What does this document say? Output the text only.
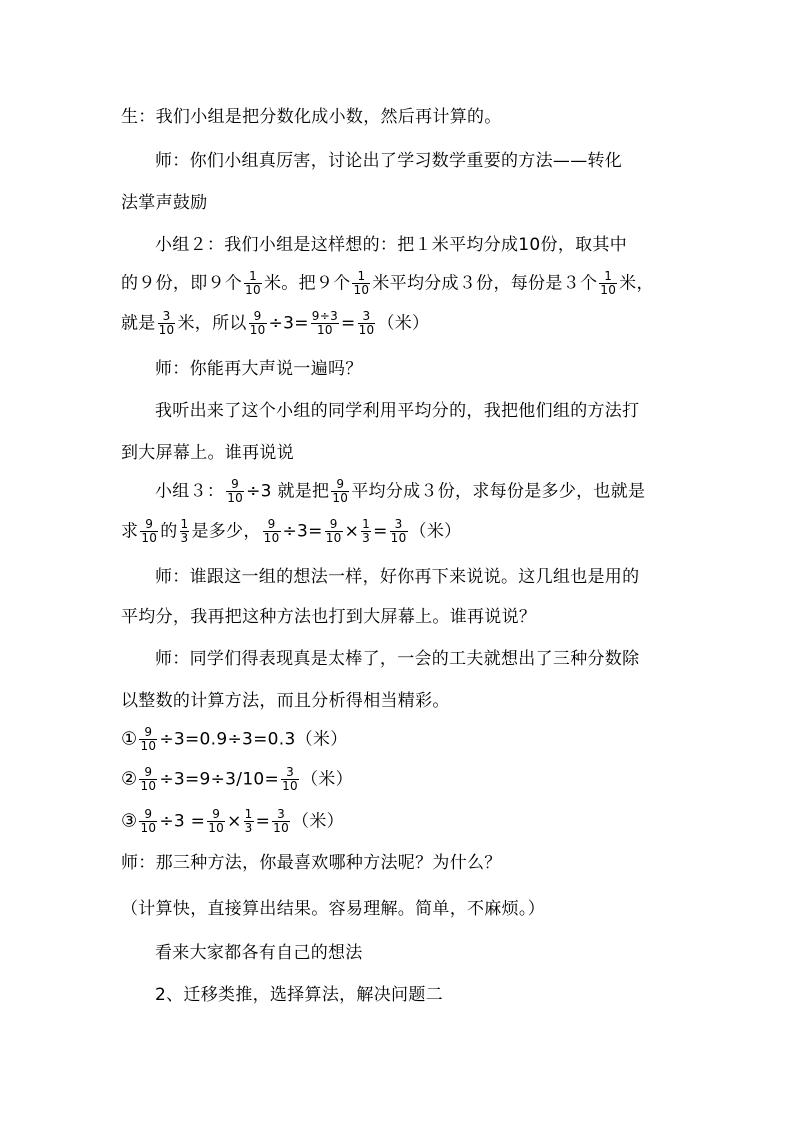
生：我们小组是把分数化成小数，然后再计算的。
师：你们小组真厉害，讨论出了学习数学重要的方法——转化
法掌声鼓励
小组２：我们小组是这样想的：把１米平均分成10份，取其中
的９份，即９个 $\frac{1}{10}$ 米。把９个 $\frac{1}{10}$ 米平均分成３份，每份是３个 $\frac{1}{10}$ 米，
就是 $\frac{3}{10}$ 米，所以 $\frac{9}{10} \div 3= \frac{9\div 3}{10} = \frac{3}{10}$ （米）
师：你能再大声说一遍吗？
我听出来了这个小组的同学利用平均分的，我把他们组的方法打
到大屏幕上。谁再说说
小组３： $\frac{9}{10} \div 3$ 就是把 $\frac{9}{10}$ 平均分成３份，求每份是多少，也就是
求 $\frac{9}{10}$ 的 $\frac{1}{3}$ 是多少， $\frac{9}{10} \div 3= \frac{9}{10} \times \frac{1}{3} = \frac{3}{10}$ （米）
师：谁跟这一组的想法一样，好你再下来说说。这几组也是用的
平均分，我再把这种方法也打到大屏幕上。谁再说说？
师：同学们得表现真是太棒了，一会的工夫就想出了三种分数除
以整数的计算方法，而且分析得相当精彩。
① $\frac{9}{10} \div 3=0.9\div 3=0.3$（米）
② $\frac{9}{10} \div 3=9\div 3/10= \frac{3}{10}$ （米）
③ $\frac{9}{10} \div 3 = \frac{9}{10} \times \frac{1}{3} = \frac{3}{10}$ （米）
师：那三种方法，你最喜欢哪种方法呢？为什么？
（计算快，直接算出结果。容易理解。简单，不麻烦。）
看来大家都各有自己的想法
2、迁移类推，选择算法，解决问题二
